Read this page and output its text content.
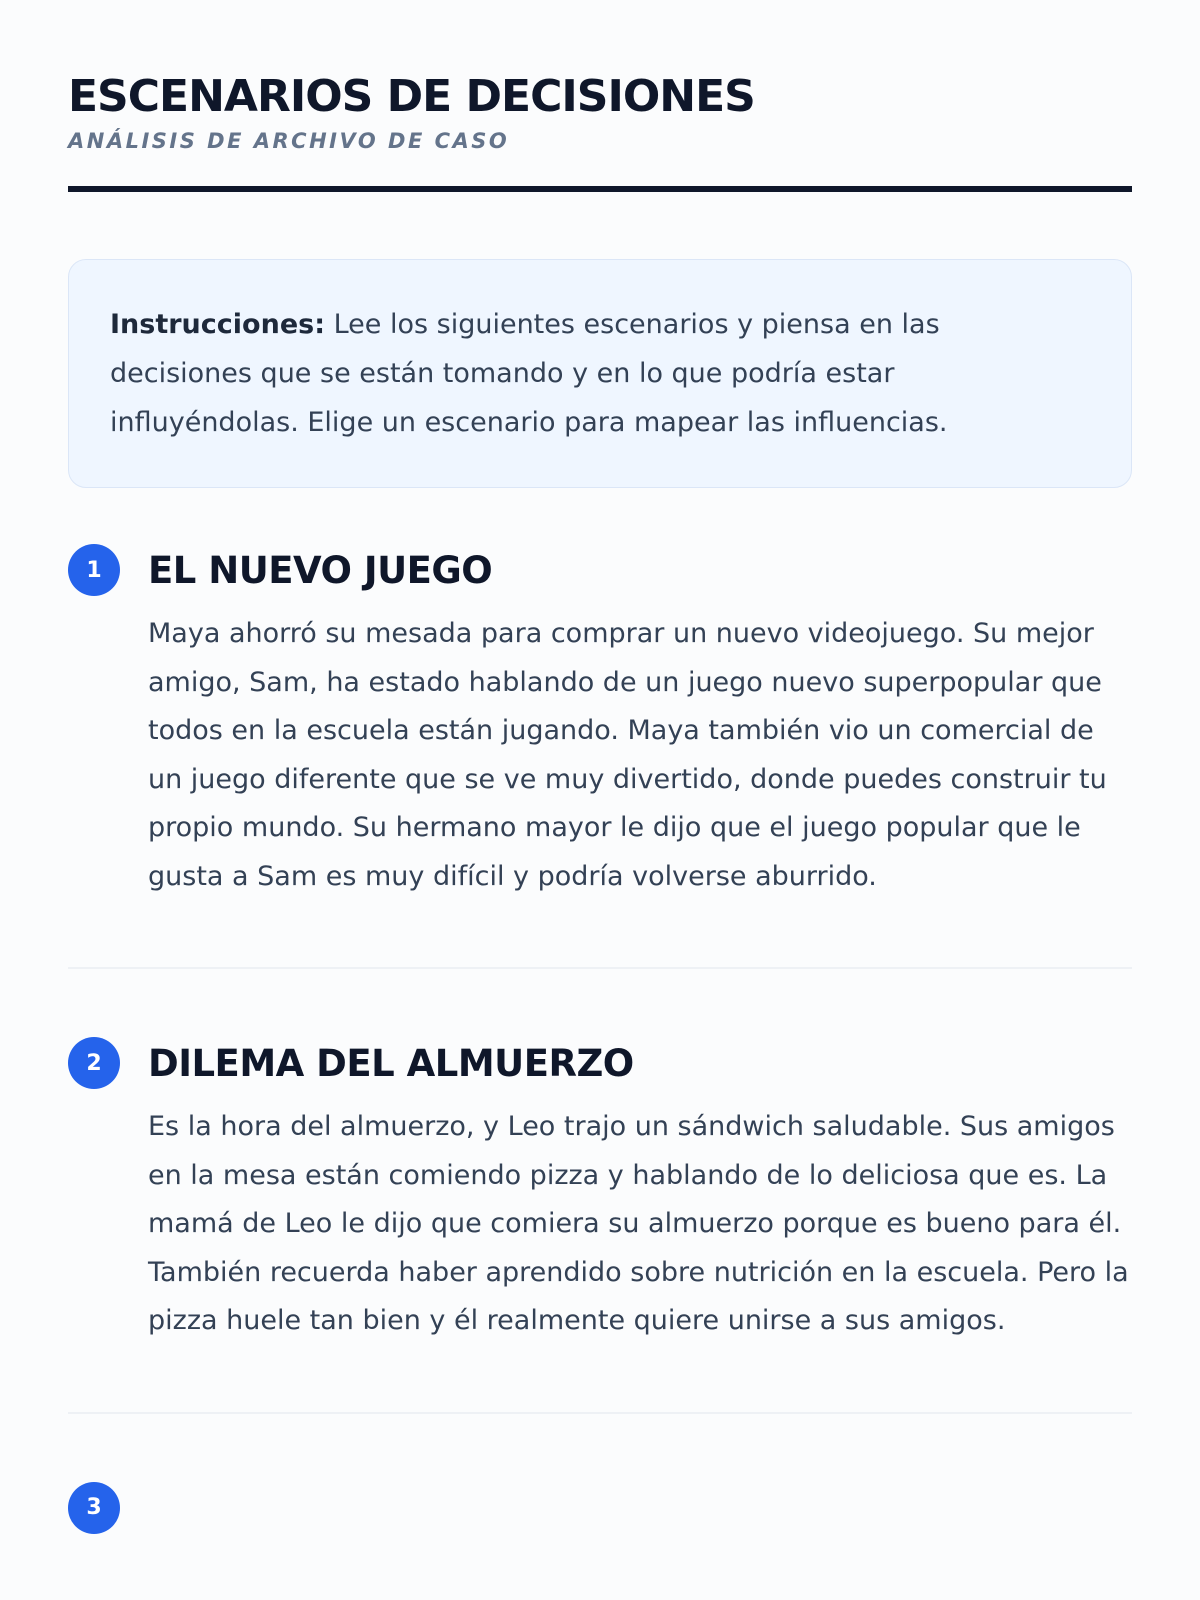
ESCENARIOS DE DECISIONES
ANÁLISIS DE ARCHIVO DE CASO
Instrucciones: Lee los siguientes escenarios y piensa en las decisiones que se están tomando y en lo que podría estar influyéndolas. Elige un escenario para mapear las influencias.
1	EL NUEVO JUEGO
Maya ahorró su mesada para comprar un nuevo videojuego. Su mejor amigo, Sam, ha estado hablando de un juego nuevo superpopular que todos en la escuela están jugando. Maya también vio un comercial de un juego diferente que se ve muy divertido, donde puedes construir tu propio mundo. Su hermano mayor le dijo que el juego popular que le gusta a Sam es muy difícil y podría volverse aburrido.
2	DILEMA DEL ALMUERZO
Es la hora del almuerzo, y Leo trajo un sándwich saludable. Sus amigos en la mesa están comiendo pizza y hablando de lo deliciosa que es. La mamá de Leo le dijo que comiera su almuerzo porque es bueno para él. También recuerda haber aprendido sobre nutrición en la escuela. Pero la pizza huele tan bien y él realmente quiere unirse a sus amigos.
3
